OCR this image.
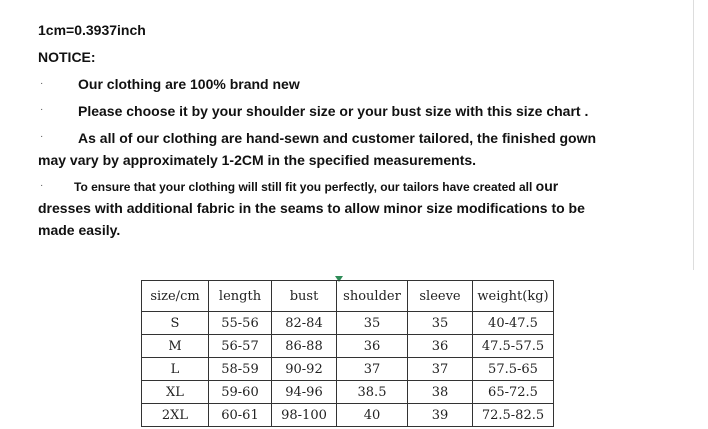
1cm=0.3937inch
NOTICE:
· Our clothing are 100% brand new
· Please choose it by your shoulder size or your bust size with this size chart .
· As all of our clothing are hand-sewn and customer tailored, the finished gown
may vary by approximately 1-2CM in the specified measurements.
·	To ensure that your clothing will still fit you perfectly, our tailors have created all our
dresses with additional fabric in the seams to allow minor size modifications to be
made easily.
size/cm	length	bust	shoulder	sleeve	weight(kg)
S	55-56	82-84	35	35	40-47.5
M	56-57	86-88	36	36	47.5-57.5
L	58-59	90-92	37	37	57.5-65
XL	59-60	94-96	38.5	38	65-72.5
2XL	60-61	98-100	40	39	72.5-82.5
